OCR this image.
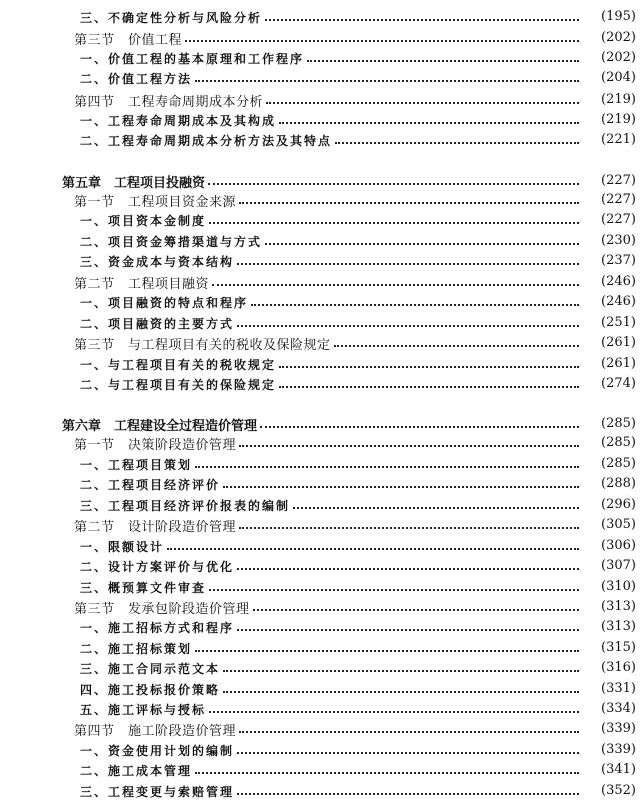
三、不确定性分析与风险分析	(195)
第三节　价值工程	(202)
一、价值工程的基本原理和工作程序	(202)
二、价值工程方法	(204)
第四节　工程寿命周期成本分析	(219)
一、工程寿命周期成本及其构成	(219)
二、工程寿命周期成本分析方法及其特点	(221)
第五章　工程项目投融资	(227)
第一节　工程项目资金来源	(227)
一、项目资本金制度	(227)
二、项目资金筹措渠道与方式	(230)
三、资金成本与资本结构	(237)
第二节　工程项目融资	(246)
一、项目融资的特点和程序	(246)
二、项目融资的主要方式	(251)
第三节　与工程项目有关的税收及保险规定	(261)
一、与工程项目有关的税收规定	(261)
二、与工程项目有关的保险规定	(274)
第六章　工程建设全过程造价管理	(285)
第一节　决策阶段造价管理	(285)
一、工程项目策划	(285)
二、工程项目经济评价	(288)
三、工程项目经济评价报表的编制	(296)
第二节　设计阶段造价管理	(305)
一、限额设计	(306)
二、设计方案评价与优化	(307)
三、概预算文件审查	(310)
第三节　发承包阶段造价管理	(313)
一、施工招标方式和程序	(313)
二、施工招标策划	(315)
三、施工合同示范文本	(316)
四、施工投标报价策略	(331)
五、施工评标与授标	(334)
第四节　施工阶段造价管理	(339)
一、资金使用计划的编制	(339)
二、施工成本管理	(341)
三、工程变更与索赔管理	(352)
